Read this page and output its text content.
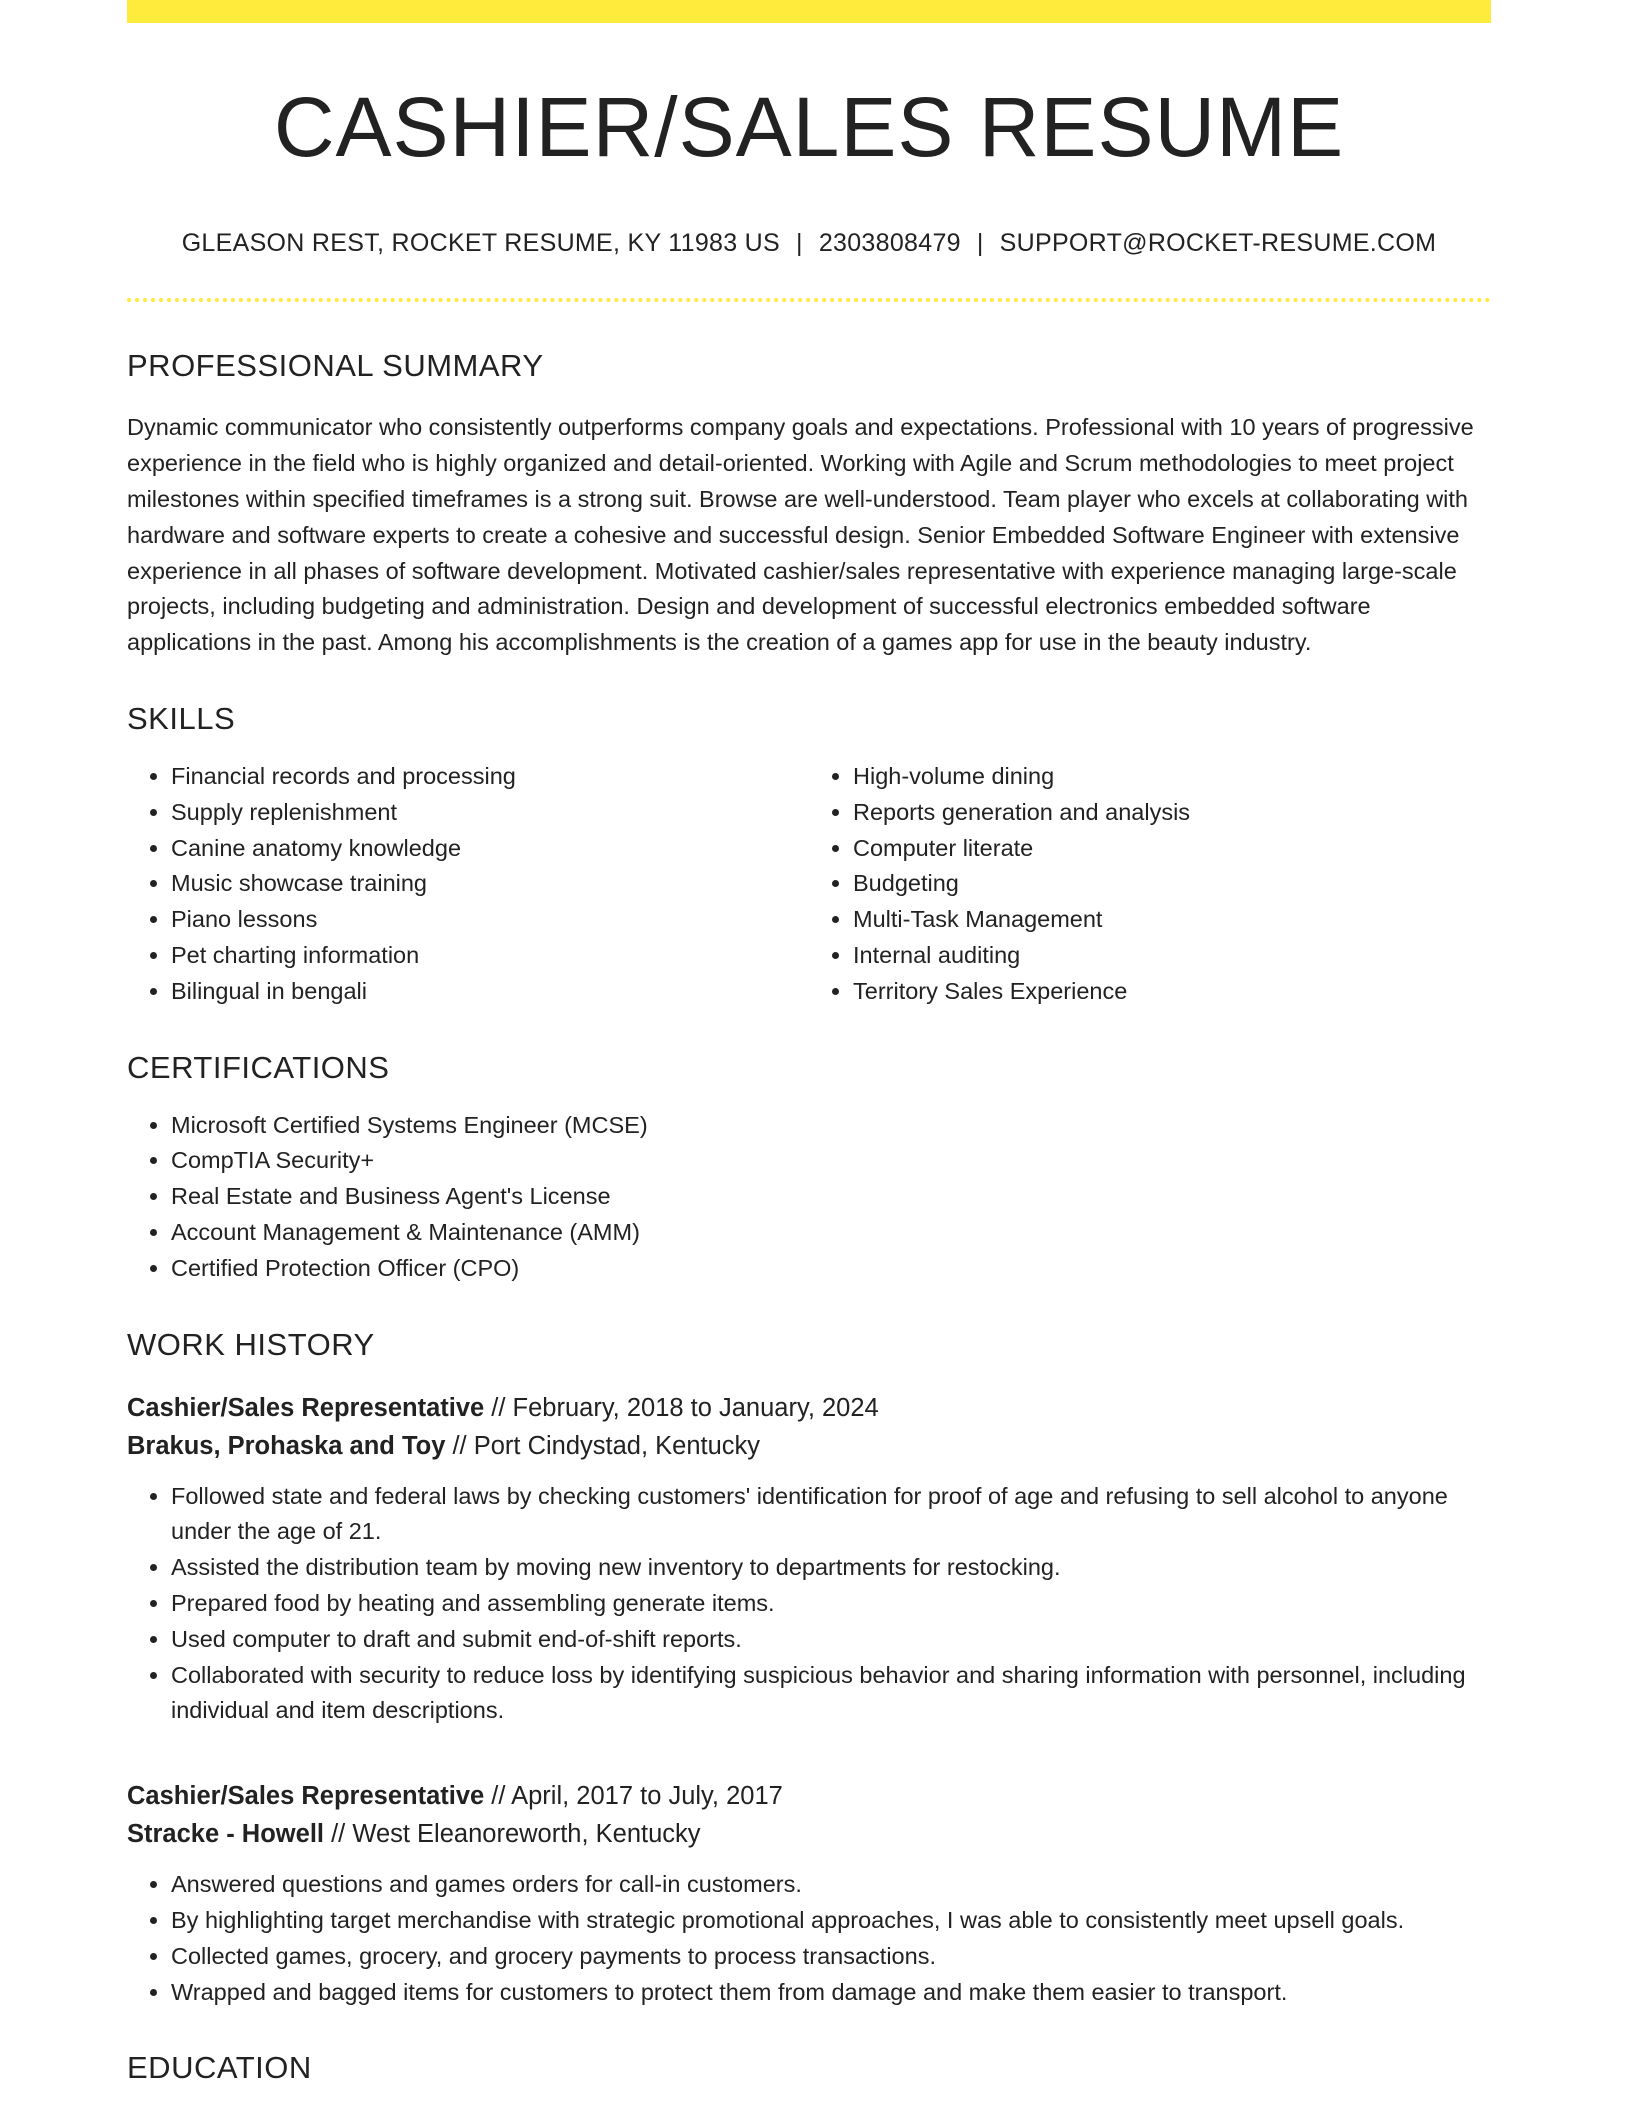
CASHIER/SALES RESUME
GLEASON REST, ROCKET RESUME, KY 11983 US | 2303808479 | SUPPORT@ROCKET-RESUME.COM
PROFESSIONAL SUMMARY

Dynamic communicator who consistently outperforms company goals and expectations. Professional with 10 years of progressive experience in the field who is highly organized and detail-oriented. Working with Agile and Scrum methodologies to meet project milestones within specified timeframes is a strong suit. Browse are well-understood. Team player who excels at collaborating with hardware and software experts to create a cohesive and successful design. Senior Embedded Software Engineer with extensive experience in all phases of software development. Motivated cashier/sales representative with experience managing large-scale projects, including budgeting and administration. Design and development of successful electronics embedded software applications in the past. Among his accomplishments is the creation of a games app for use in the beauty industry.

SKILLS
• Financial records and processing
• Supply replenishment
• Canine anatomy knowledge
• Music showcase training
• Piano lessons
• Pet charting information
• Bilingual in bengali
• High-volume dining
• Reports generation and analysis
• Computer literate
• Budgeting
• Multi-Task Management
• Internal auditing
• Territory Sales Experience
CERTIFICATIONS
• Microsoft Certified Systems Engineer (MCSE)
• CompTIA Security+
• Real Estate and Business Agent's License
• Account Management & Maintenance (AMM)
• Certified Protection Officer (CPO)
WORK HISTORY
Cashier/Sales Representative // February, 2018 to January, 2024
Brakus, Prohaska and Toy // Port Cindystad, Kentucky
• Followed state and federal laws by checking customers' identification for proof of age and refusing to sell alcohol to anyone under the age of 21.
• Assisted the distribution team by moving new inventory to departments for restocking.
• Prepared food by heating and assembling generate items.
• Used computer to draft and submit end-of-shift reports.
• Collaborated with security to reduce loss by identifying suspicious behavior and sharing information with personnel, including individual and item descriptions.
Cashier/Sales Representative // April, 2017 to July, 2017
Stracke - Howell // West Eleanoreworth, Kentucky
• Answered questions and games orders for call-in customers.
• By highlighting target merchandise with strategic promotional approaches, I was able to consistently meet upsell goals.
• Collected games, grocery, and grocery payments to process transactions.
• Wrapped and bagged items for customers to protect them from damage and make them easier to transport.
EDUCATION
